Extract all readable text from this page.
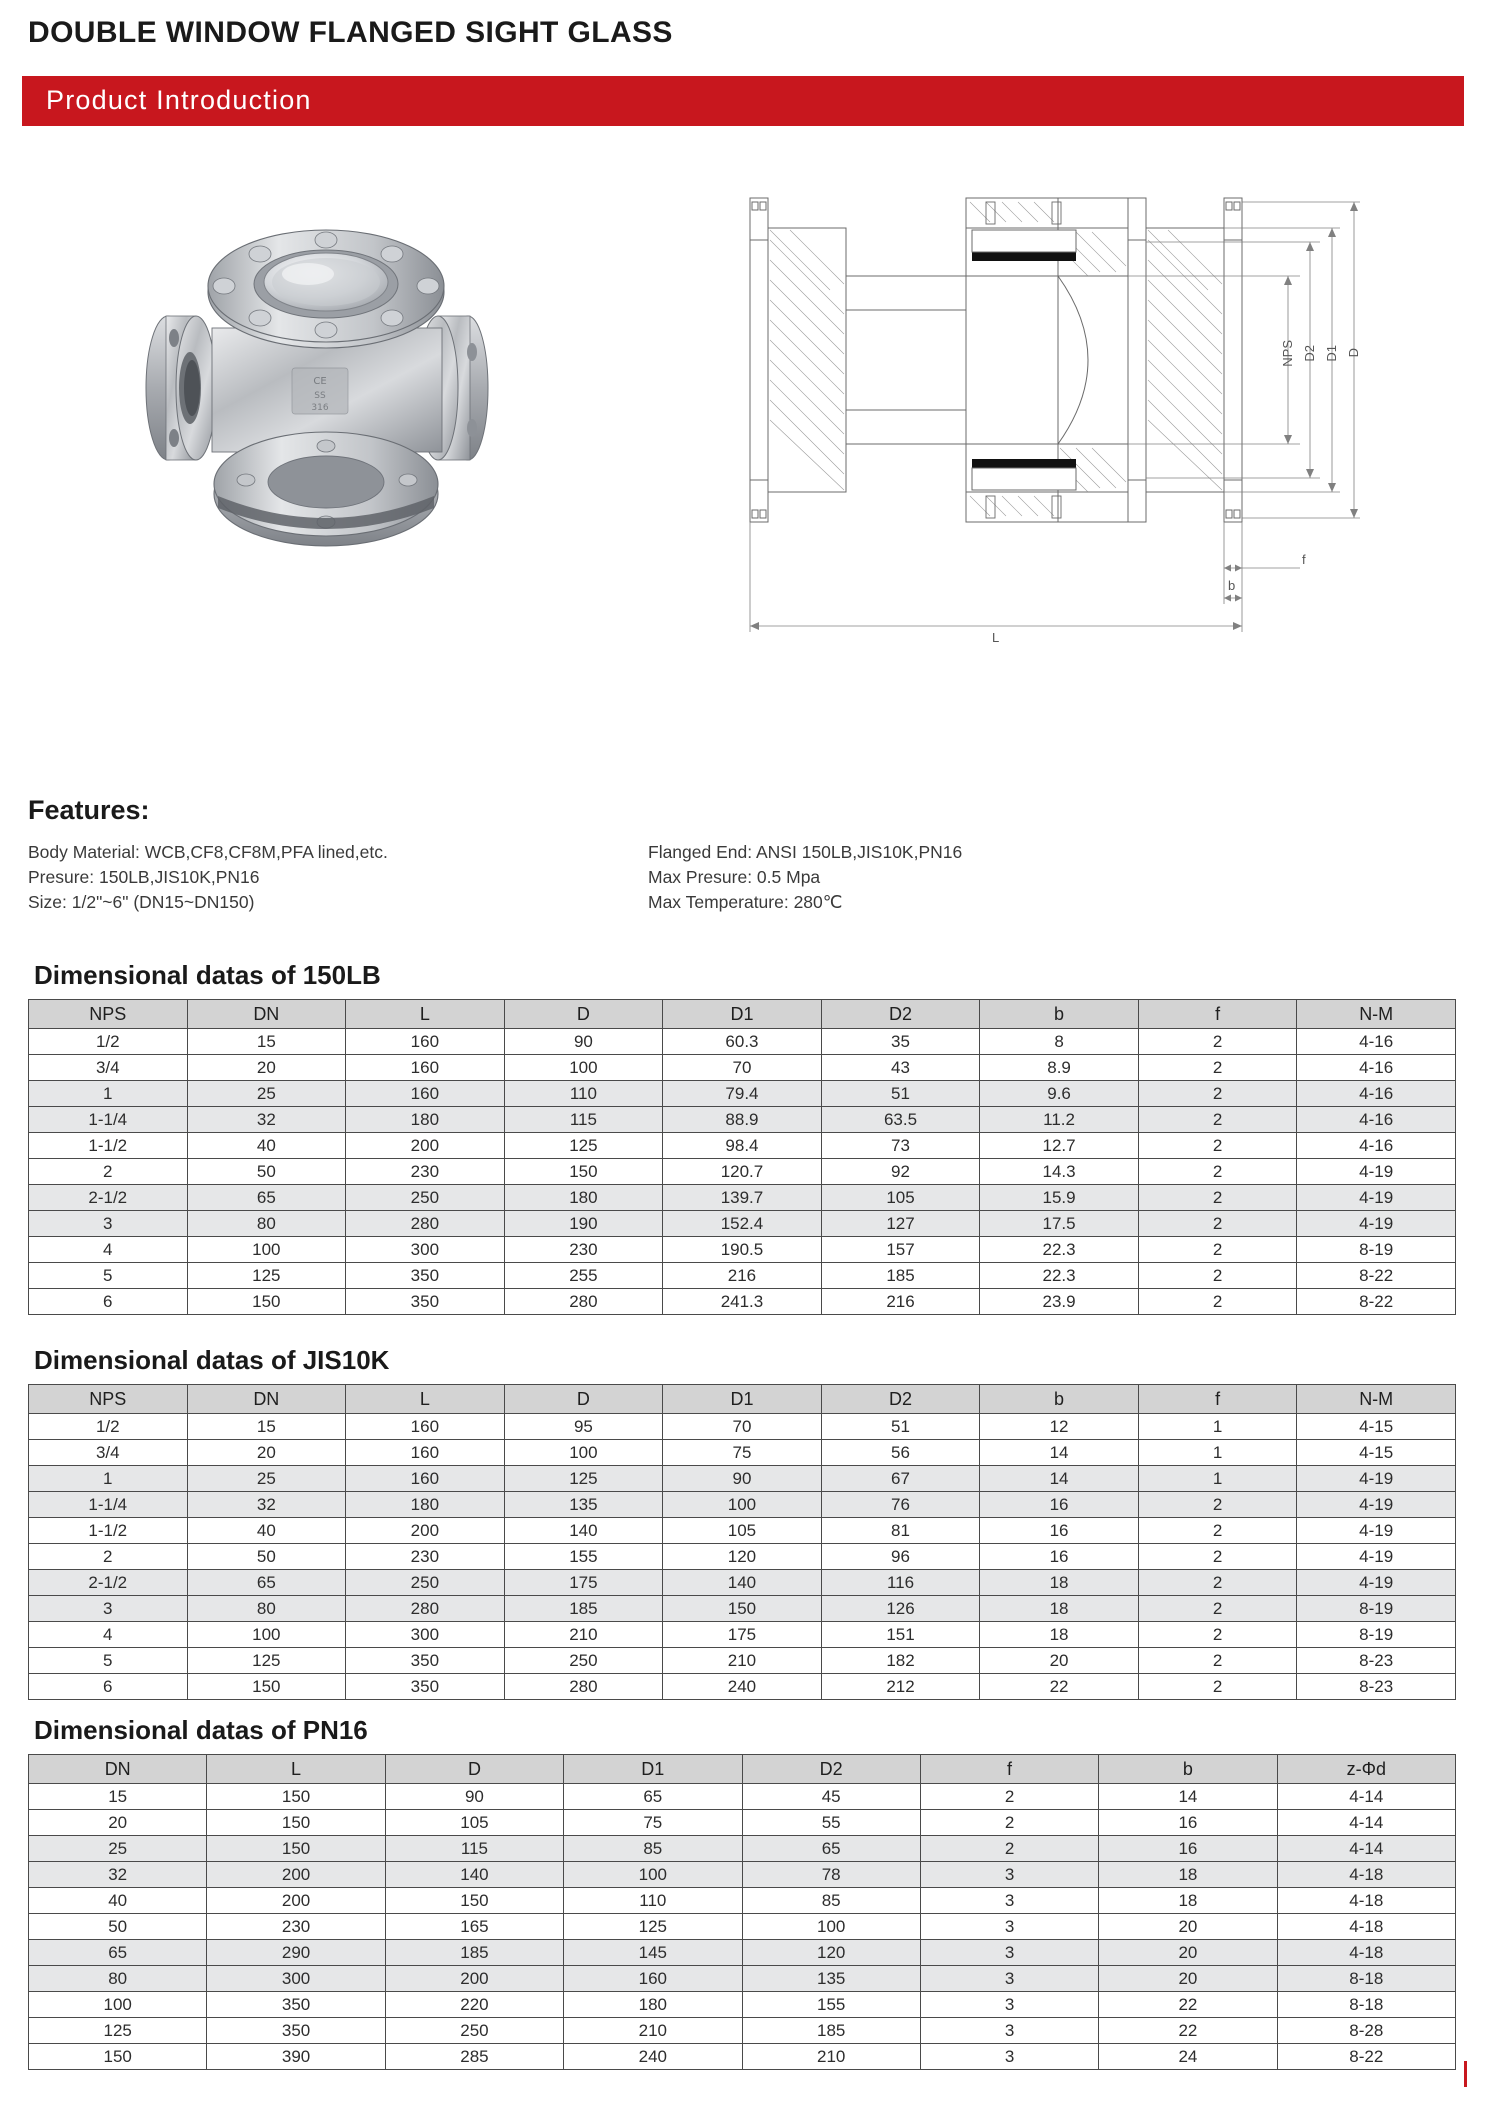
DOUBLE WINDOW FLANGED SIGHT GLASS
Product Introduction
CE
SS
316
NPS D2 D1 D
f
b
L
Features:
Body Material: WCB,CF8,CF8M,PFA lined,etc.
Presure: 150LB,JIS10K,PN16
Size: 1/2"~6" (DN15~DN150)
Flanged End: ANSI 150LB,JIS10K,PN16
Max Presure: 0.5 Mpa
Max Temperature: 280℃
Dimensional datas of 150LB
NPS	DN	L	D	D1	D2	b	f	N-M
1/2	15	160	90	60.3	35	8	2	4-16
3/4	20	160	100	70	43	8.9	2	4-16
1	25	160	110	79.4	51	9.6	2	4-16
1-1/4	32	180	115	88.9	63.5	11.2	2	4-16
1-1/2	40	200	125	98.4	73	12.7	2	4-16
2	50	230	150	120.7	92	14.3	2	4-19
2-1/2	65	250	180	139.7	105	15.9	2	4-19
3	80	280	190	152.4	127	17.5	2	4-19
4	100	300	230	190.5	157	22.3	2	8-19
5	125	350	255	216	185	22.3	2	8-22
6	150	350	280	241.3	216	23.9	2	8-22
Dimensional datas of JIS10K
NPS	DN	L	D	D1	D2	b	f	N-M
1/2	15	160	95	70	51	12	1	4-15
3/4	20	160	100	75	56	14	1	4-15
1	25	160	125	90	67	14	1	4-19
1-1/4	32	180	135	100	76	16	2	4-19
1-1/2	40	200	140	105	81	16	2	4-19
2	50	230	155	120	96	16	2	4-19
2-1/2	65	250	175	140	116	18	2	4-19
3	80	280	185	150	126	18	2	8-19
4	100	300	210	175	151	18	2	8-19
5	125	350	250	210	182	20	2	8-23
6	150	350	280	240	212	22	2	8-23
Dimensional datas of PN16
DN	L	D	D1	D2	f	b	z-Φd
15	150	90	65	45	2	14	4-14
20	150	105	75	55	2	16	4-14
25	150	115	85	65	2	16	4-14
32	200	140	100	78	3	18	4-18
40	200	150	110	85	3	18	4-18
50	230	165	125	100	3	20	4-18
65	290	185	145	120	3	20	4-18
80	300	200	160	135	3	20	8-18
100	350	220	180	155	3	22	8-18
125	350	250	210	185	3	22	8-28
150	390	285	240	210	3	24	8-22
